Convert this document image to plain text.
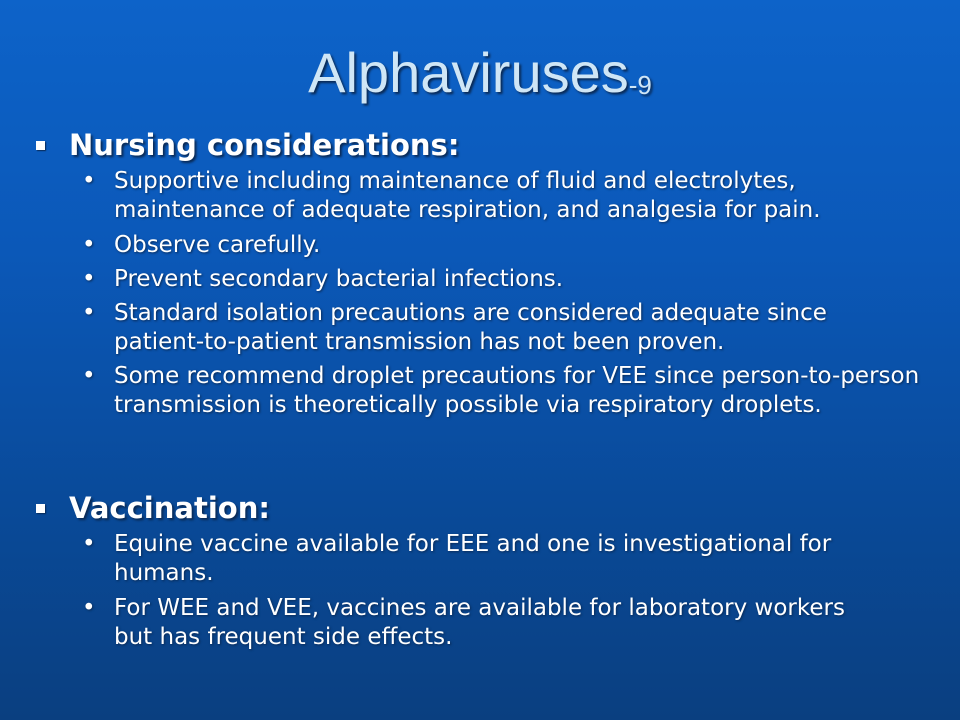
Alphaviruses-9
Nursing considerations:
• Supportive including maintenance of fluid and electrolytes, maintenance of adequate respiration, and analgesia for pain.
• Observe carefully.
• Prevent secondary bacterial infections.
• Standard isolation precautions are considered adequate since patient-to-patient transmission has not been proven.
• Some recommend droplet precautions for VEE since person-to-person transmission is theoretically possible via respiratory droplets.
Vaccination:
• Equine vaccine available for EEE and one is investigational for humans.
• For WEE and VEE, vaccines are available for laboratory workers but has frequent side effects.
